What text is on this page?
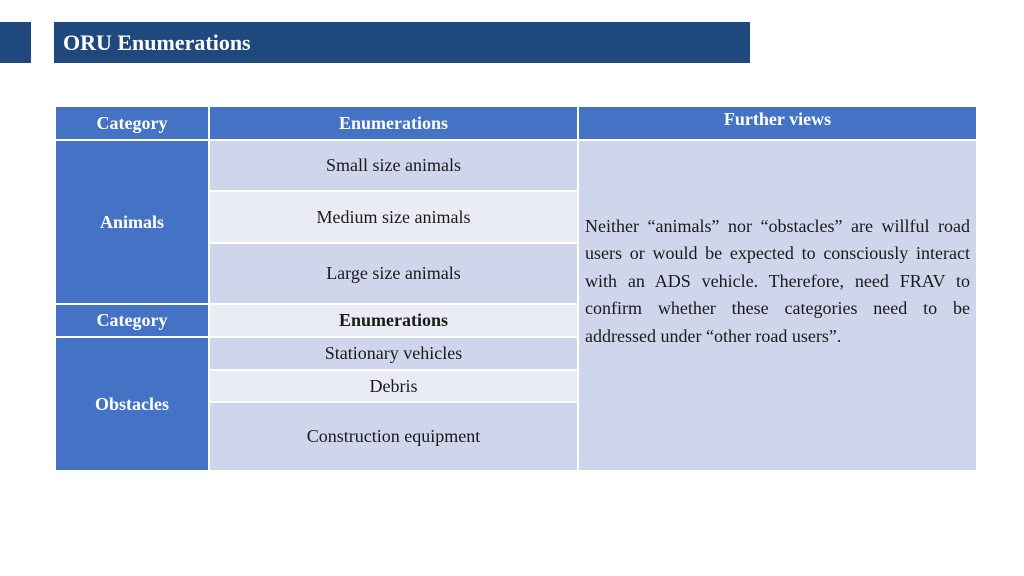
ORU Enumerations
Category	Enumerations	Further views
Animals	Small size animals	Neither “animals” nor “obstacles” are willful road users or would be expected to consciously interact with an ADS vehicle. Therefore, need FRAV to confirm whether these categories need to be addressed under “other road users”.

	Medium size animals	
	Large size animals	
Category	Enumerations	
Obstacles	Stationary vehicles	
	Debris	
	Construction equipment	
